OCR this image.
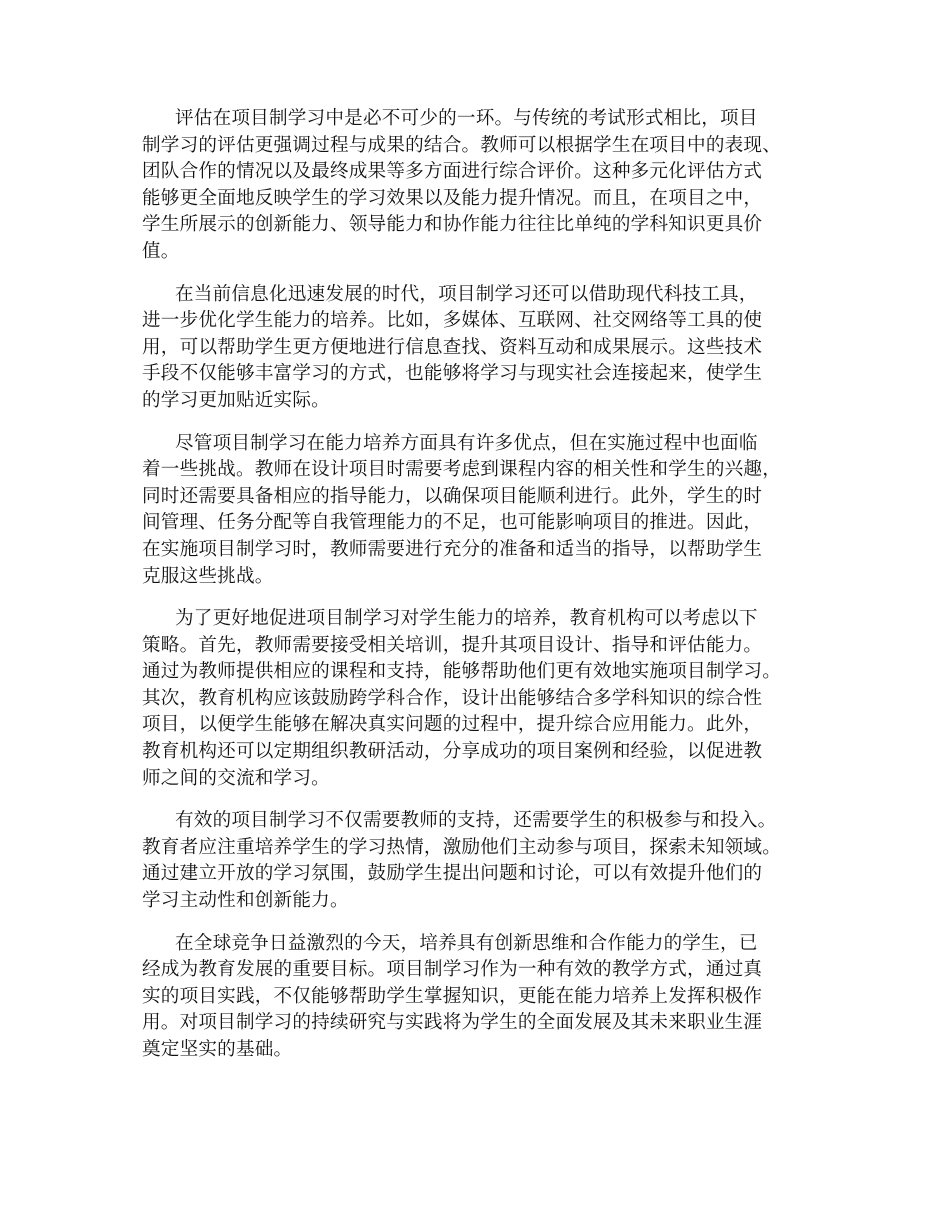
评估在项目制学习中是必不可少的一环。与传统的考试形式相比，项目
制学习的评估更强调过程与成果的结合。教师可以根据学生在项目中的表现、
团队合作的情况以及最终成果等多方面进行综合评价。这种多元化评估方式
能够更全面地反映学生的学习效果以及能力提升情况。而且，在项目之中，
学生所展示的创新能力、领导能力和协作能力往往比单纯的学科知识更具价
值。

在当前信息化迅速发展的时代，项目制学习还可以借助现代科技工具，
进一步优化学生能力的培养。比如，多媒体、互联网、社交网络等工具的使
用，可以帮助学生更方便地进行信息查找、资料互动和成果展示。这些技术
手段不仅能够丰富学习的方式，也能够将学习与现实社会连接起来，使学生
的学习更加贴近实际。

尽管项目制学习在能力培养方面具有许多优点，但在实施过程中也面临
着一些挑战。教师在设计项目时需要考虑到课程内容的相关性和学生的兴趣，
同时还需要具备相应的指导能力，以确保项目能顺利进行。此外，学生的时
间管理、任务分配等自我管理能力的不足，也可能影响项目的推进。因此，
在实施项目制学习时，教师需要进行充分的准备和适当的指导，以帮助学生
克服这些挑战。

为了更好地促进项目制学习对学生能力的培养，教育机构可以考虑以下
策略。首先，教师需要接受相关培训，提升其项目设计、指导和评估能力。
通过为教师提供相应的课程和支持，能够帮助他们更有效地实施项目制学习。
其次，教育机构应该鼓励跨学科合作，设计出能够结合多学科知识的综合性
项目，以便学生能够在解决真实问题的过程中，提升综合应用能力。此外，
教育机构还可以定期组织教研活动，分享成功的项目案例和经验，以促进教
师之间的交流和学习。

有效的项目制学习不仅需要教师的支持，还需要学生的积极参与和投入。
教育者应注重培养学生的学习热情，激励他们主动参与项目，探索未知领域。
通过建立开放的学习氛围，鼓励学生提出问题和讨论，可以有效提升他们的
学习主动性和创新能力。

在全球竞争日益激烈的今天，培养具有创新思维和合作能力的学生，已
经成为教育发展的重要目标。项目制学习作为一种有效的教学方式，通过真
实的项目实践，不仅能够帮助学生掌握知识，更能在能力培养上发挥积极作
用。对项目制学习的持续研究与实践将为学生的全面发展及其未来职业生涯
奠定坚实的基础。
